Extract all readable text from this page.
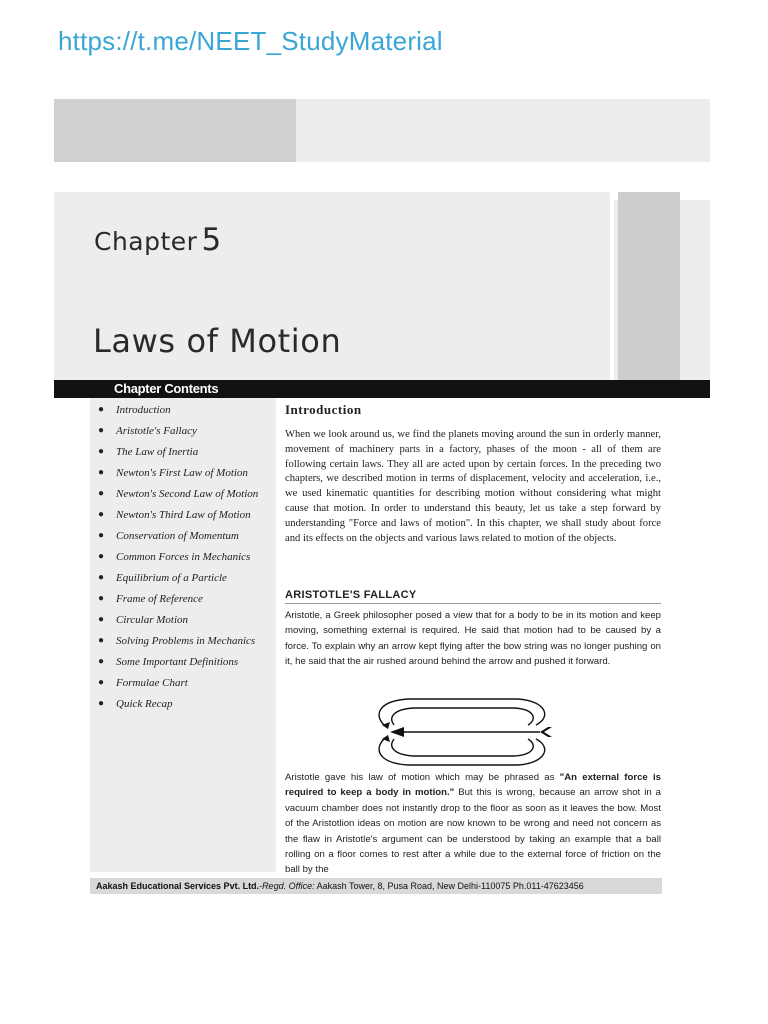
https://t.me/NEET_StudyMaterial
Chapter 5
Laws of Motion
Chapter Contents
● Introduction
● Aristotle's Fallacy
● The Law of Inertia
● Newton's First Law of Motion
● Newton's Second Law of Motion
● Newton's Third Law of Motion
● Conservation of Momentum
● Common Forces in Mechanics
● Equilibrium of a Particle
● Frame of Reference
● Circular Motion
● Solving Problems in Mechanics
● Some Important Definitions
● Formulae Chart
● Quick Recap
Introduction

When we look around us, we find the planets moving around the sun in orderly manner, movement of machinery parts in a factory, phases of the moon - all of them are following certain laws. They all are acted upon by certain forces. In the preceding two chapters, we described motion in terms of displacement, velocity and acceleration, i.e., we used kinematic quantities for describing motion without considering what might cause that motion. In order to understand this beauty, let us take a step forward by understanding "Force and laws of motion". In this chapter, we shall study about force and its effects on the objects and various laws related to motion of the objects.

ARISTOTLE'S FALLACY

Aristotle, a Greek philosopher posed a view that for a body to be in its motion and keep moving, something external is required. He said that motion had to be caused by a force. To explain why an arrow kept flying after the bow string was no longer pushing on it, he said that the air rushed around behind the arrow and pushed it forward.

Aristotle gave his law of motion which may be phrased as "An external force is required to keep a body in motion." But this is wrong, because an arrow shot in a vacuum chamber does not instantly drop to the floor as soon as it leaves the bow. Most of the Aristotlion ideas on motion are now known to be wrong and need not concern as the flaw in Aristotle's argument can be understood by taking an example that a ball rolling on a floor comes to rest after a while due to the external force of friction on the ball by the

Aakash Educational Services Pvt. Ltd.-Regd. Office: Aakash Tower, 8, Pusa Road, New Delhi-110075 Ph.011-47623456
